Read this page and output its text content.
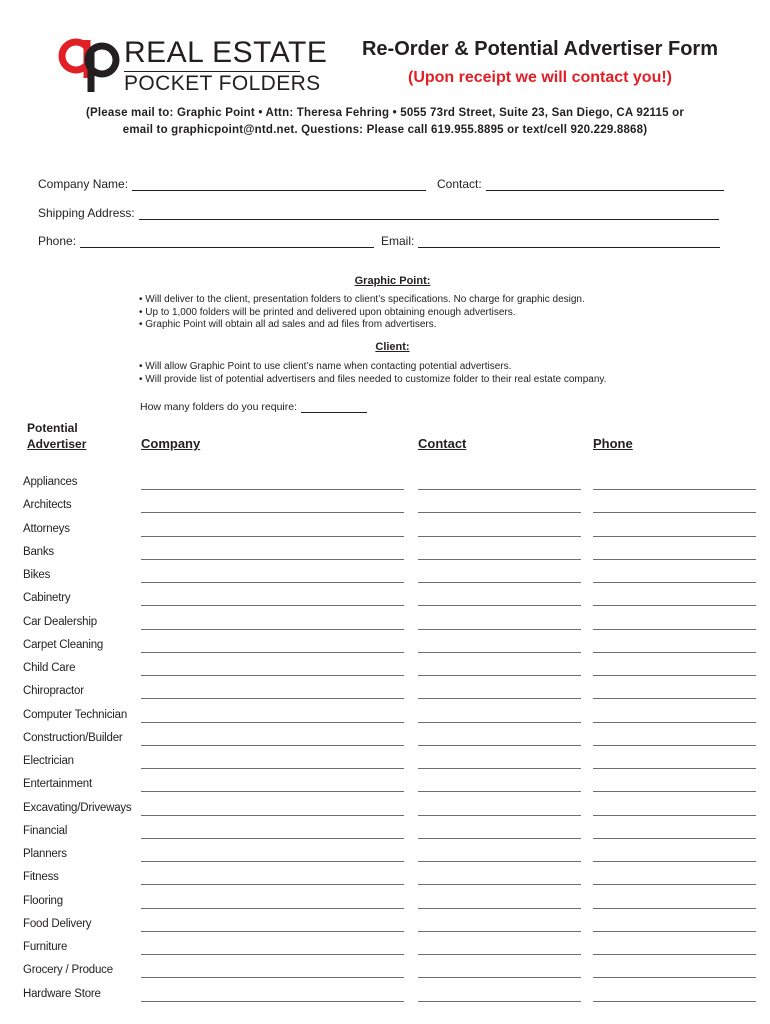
REAL ESTATE
POCKET FOLDERS
Re-Order & Potential Advertiser Form
(Upon receipt we will contact you!)
(Please mail to: Graphic Point • Attn: Theresa Fehring • 5055 73rd Street, Suite 23, San Diego, CA 92115 or
email to graphicpoint@ntd.net. Questions: Please call 619.955.8895 or text/cell 920.229.8868)
Company Name:	Contact:
Shipping Address:
Phone:	Email:
Graphic Point:
• Will deliver to the client, presentation folders to client’s specifications. No charge for graphic design.
• Up to 1,000 folders will be printed and delivered upon obtaining enough advertisers.
• Graphic Point will obtain all ad sales and ad files from advertisers.
Client:
• Will allow Graphic Point to use client’s name when contacting potential advertisers.
• Will provide list of potential advertisers and files needed to customize folder to their real estate company.
How many folders do you require:
Potential
Advertiser	Company	Contact	Phone
Appliances
Architects
Attorneys
Banks
Bikes
Cabinetry
Car Dealership
Carpet Cleaning
Child Care
Chiropractor
Computer Technician
Construction/Builder
Electrician
Entertainment
Excavating/Driveways
Financial
Planners
Fitness
Flooring
Food Delivery
Furniture
Grocery / Produce
Hardware Store
